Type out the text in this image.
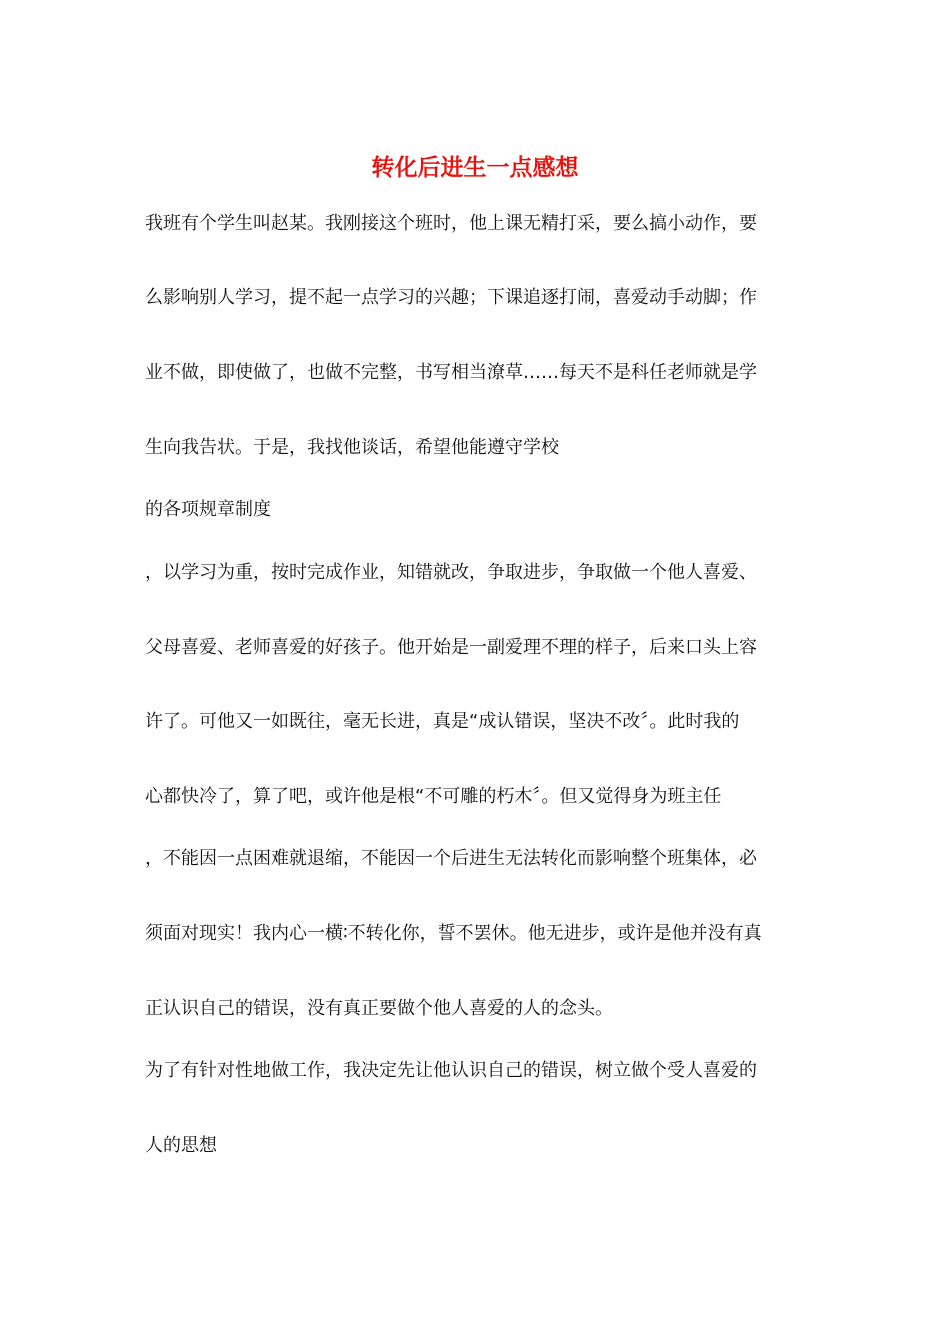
转化后进生一点感想
我班有个学生叫赵某。我刚接这个班时，他上课无精打采，要么搞小动作，要
么影响别人学习，提不起一点学习的兴趣；下课追逐打闹，喜爱动手动脚；作
业不做，即使做了，也做不完整，书写相当潦草……每天不是科任老师就是学
生向我告状。于是，我找他谈话，希望他能遵守学校
的各项规章制度
，以学习为重，按时完成作业，知错就改，争取进步，争取做一个他人喜爱、
父母喜爱、老师喜爱的好孩子。他开始是一副爱理不理的样子，后来口头上容
许了。可他又一如既往，毫无长进，真是“成认错误，坚决不改〞。此时我的
心都快冷了，算了吧，或许他是根“不可雕的朽木〞。但又觉得身为班主任
，不能因一点困难就退缩，不能因一个后进生无法转化而影响整个班集体，必
须面对现实！我内心一横∶不转化你，誓不罢休。他无进步，或许是他并没有真
正认识自己的错误，没有真正要做个他人喜爱的人的念头。
为了有针对性地做工作，我决定先让他认识自己的错误，树立做个受人喜爱的
人的思想
